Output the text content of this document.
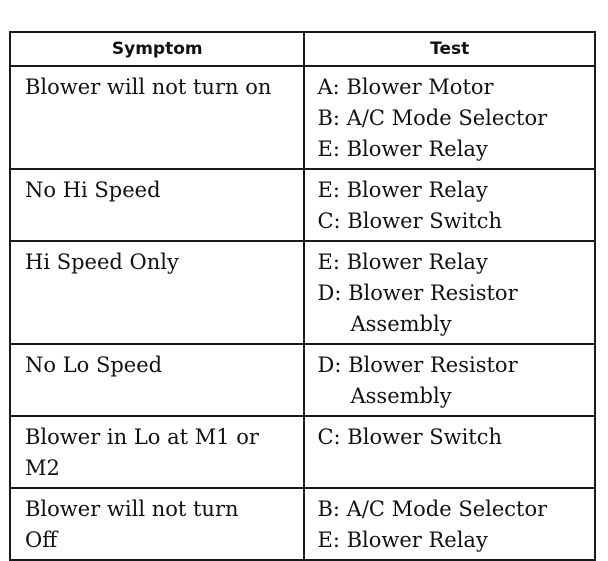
Symptom	Test

Blower will not turn on	A: Blower Motor
B: A/C Mode Selector
E: Blower Relay

No Hi Speed	E: Blower Relay
C: Blower Switch

Hi Speed Only	E: Blower Relay
D: Blower Resistor
Assembly

No Lo Speed	D: Blower Resistor
Assembly

Blower in Lo at M1 or
M2	C: Blower Switch

Blower will not turn
Off	B: A/C Mode Selector
E: Blower Relay
